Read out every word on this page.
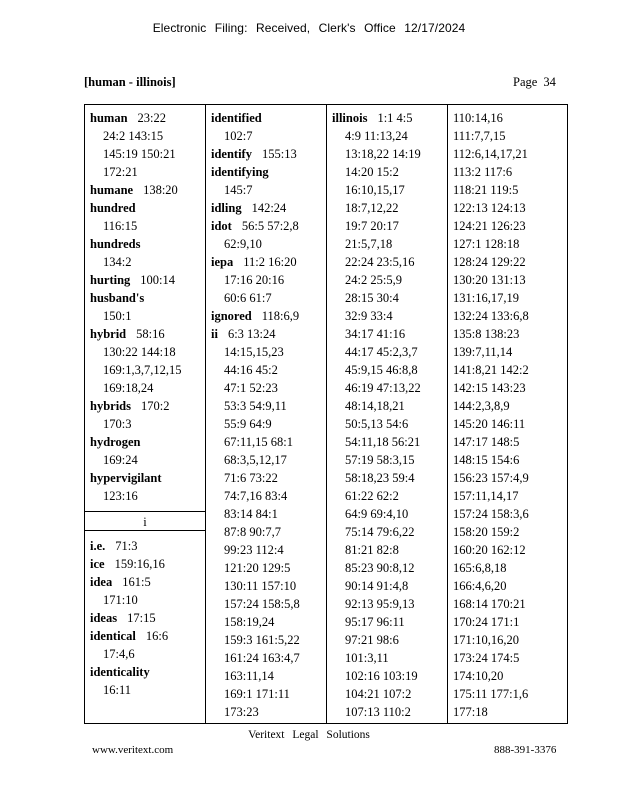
Electronic Filing: Received, Clerk's Office 12/17/2024
[human - illinois]	Page 34
human 23:22
24:2 143:15
145:19 150:21
172:21
humane 138:20
hundred
116:15
hundreds
134:2
hurting 100:14
husband's
150:1
hybrid 58:16
130:22 144:18
169:1,3,7,12,15
169:18,24
hybrids 170:2
170:3
hydrogen
169:24
hypervigilant
123:16
i
i.e. 71:3
ice 159:16,16
idea 161:5
171:10
ideas 17:15
identical 16:6
17:4,6
identicality
16:11
identified
102:7
identify 155:13
identifying
145:7
idling 142:24
idot 56:5 57:2,8
62:9,10
iepa 11:2 16:20
17:16 20:16
60:6 61:7
ignored 118:6,9
ii 6:3 13:24
14:15,15,23
44:16 45:2
47:1 52:23
53:3 54:9,11
55:9 64:9
67:11,15 68:1
68:3,5,12,17
71:6 73:22
74:7,16 83:4
83:14 84:1
87:8 90:7,7
99:23 112:4
121:20 129:5
130:11 157:10
157:24 158:5,8
158:19,24
159:3 161:5,22
161:24 163:4,7
163:11,14
169:1 171:11
173:23
illinois 1:1 4:5
4:9 11:13,24
13:18,22 14:19
14:20 15:2
16:10,15,17
18:7,12,22
19:7 20:17
21:5,7,18
22:24 23:5,16
24:2 25:5,9
28:15 30:4
32:9 33:4
34:17 41:16
44:17 45:2,3,7
45:9,15 46:8,8
46:19 47:13,22
48:14,18,21
50:5,13 54:6
54:11,18 56:21
57:19 58:3,15
58:18,23 59:4
61:22 62:2
64:9 69:4,10
75:14 79:6,22
81:21 82:8
85:23 90:8,12
90:14 91:4,8
92:13 95:9,13
95:17 96:11
97:21 98:6
101:3,11
102:16 103:19
104:21 107:2
107:13 110:2
110:14,16
111:7,7,15
112:6,14,17,21
113:2 117:6
118:21 119:5
122:13 124:13
124:21 126:23
127:1 128:18
128:24 129:22
130:20 131:13
131:16,17,19
132:24 133:6,8
135:8 138:23
139:7,11,14
141:8,21 142:2
142:15 143:23
144:2,3,8,9
145:20 146:11
147:17 148:5
148:15 154:6
156:23 157:4,9
157:11,14,17
157:24 158:3,6
158:20 159:2
160:20 162:12
165:6,8,18
166:4,6,20
168:14 170:21
170:24 171:1
171:10,16,20
173:24 174:5
174:10,20
175:11 177:1,6
177:18
Veritext Legal Solutions
www.veritext.com	888-391-3376
